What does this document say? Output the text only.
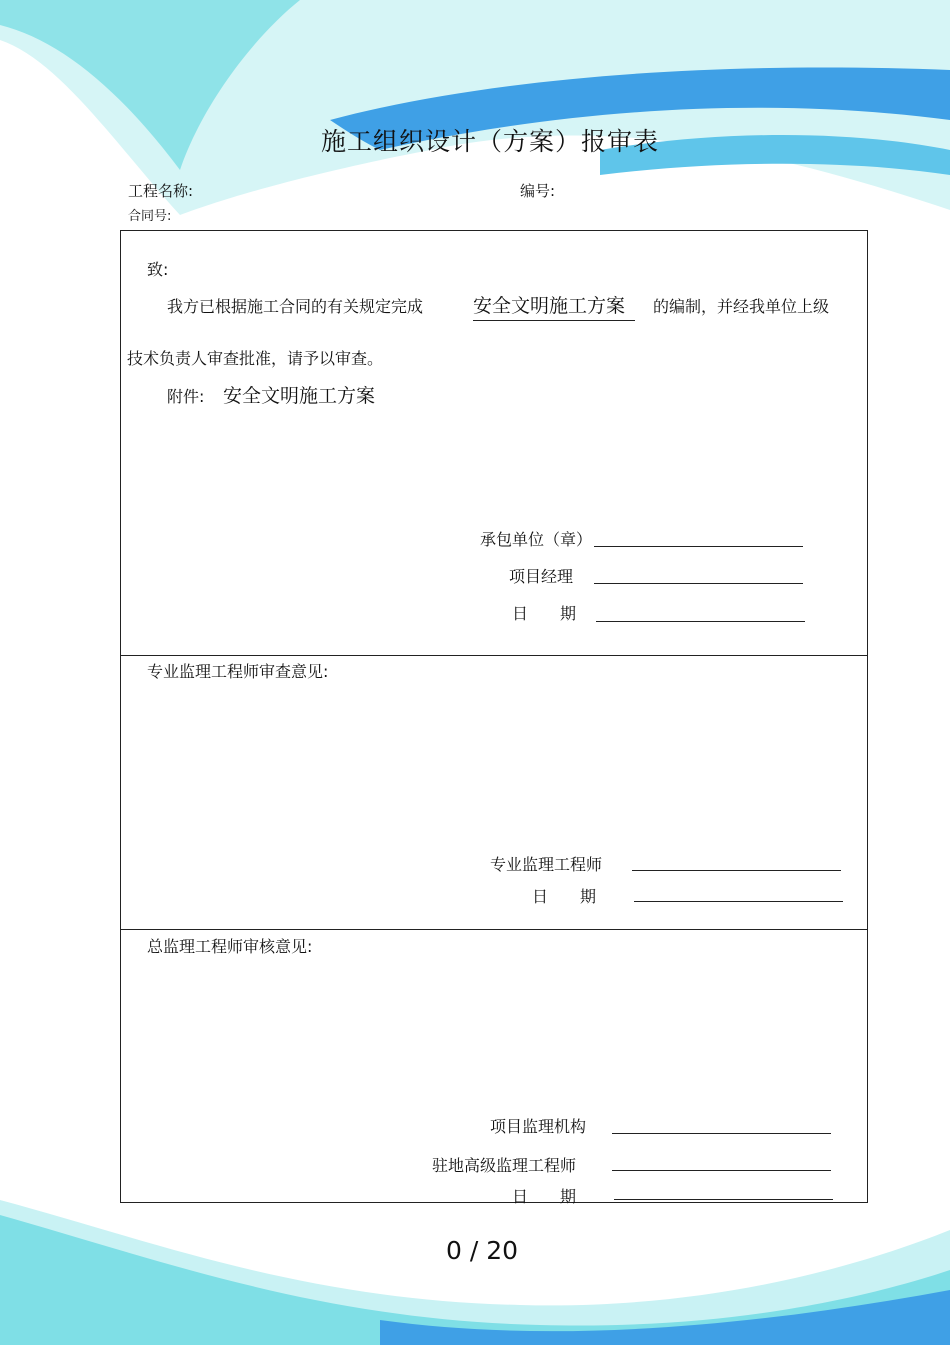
施工组织设计（方案）报审表
工程名称:	编号:
合同号:
致:
我方已根据施工合同的有关规定完成	安全文明施工方案	的编制，并经我单位上级
技术负责人审查批准，请予以审查。
附件: 安全文明施工方案
承包单位（章）
项目经理
日　　期
专业监理工程师审查意见:
专业监理工程师
日　　期
总监理工程师审核意见:
项目监理机构
驻地高级监理工程师
日　　期
0 / 20
